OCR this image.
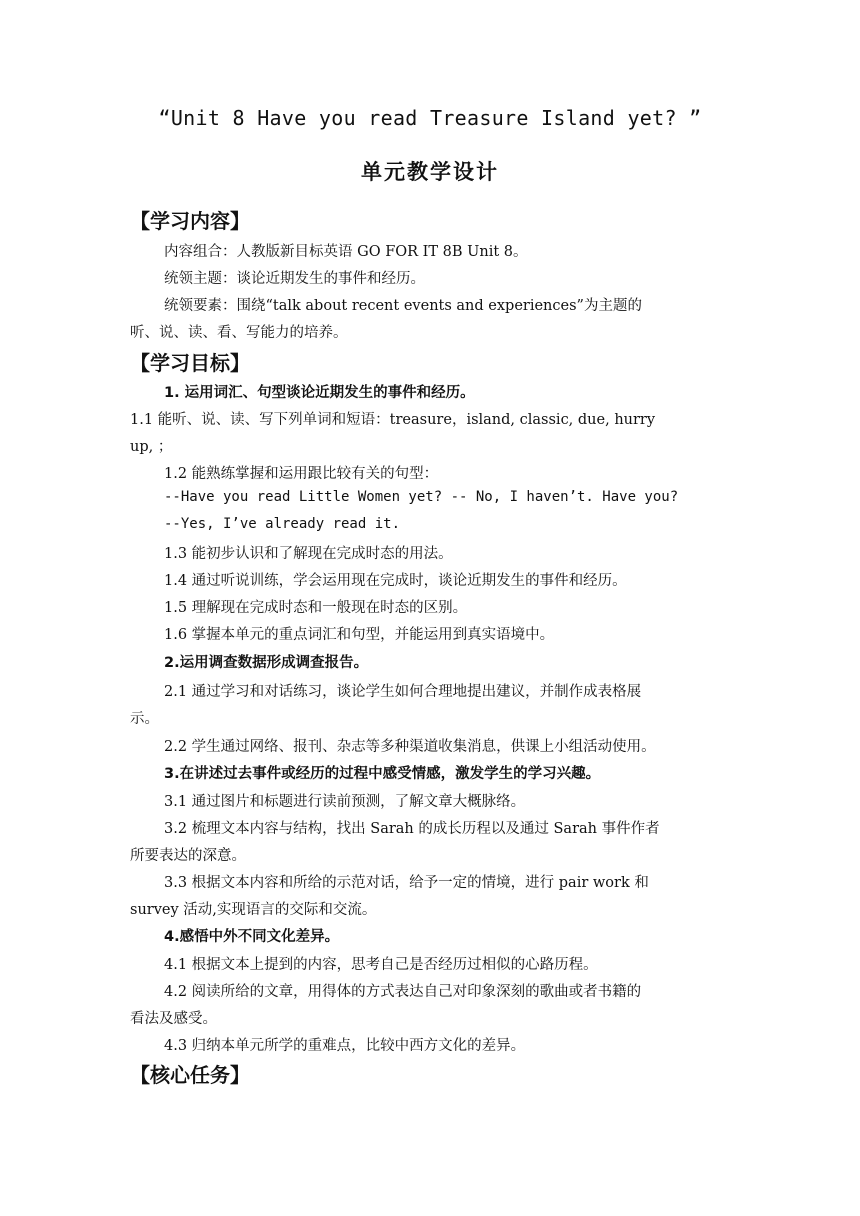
“Unit 8 Have you read Treasure Island yet? ”
单元教学设计
【学习内容】
内容组合：人教版新目标英语 GO FOR IT 8B Unit 8。
统领主题：谈论近期发生的事件和经历。
统领要素：围绕“talk about recent events and experiences”为主题的
听、说、读、看、写能力的培养。
【学习目标】
1. 运用词汇、句型谈论近期发生的事件和经历。
1.1 能听、说、读、写下列单词和短语：treasure，island, classic, due, hurry
up, ；
1.2 能熟练掌握和运用跟比较有关的句型：
--Have you read Little Women yet? -- No, I haven’t. Have you?
--Yes, I’ve already read it.
1.3 能初步认识和了解现在完成时态的用法。
1.4 通过听说训练，学会运用现在完成时，谈论近期发生的事件和经历。
1.5 理解现在完成时态和一般现在时态的区别。
1.6 掌握本单元的重点词汇和句型，并能运用到真实语境中。
2.运用调查数据形成调查报告。
2.1 通过学习和对话练习，谈论学生如何合理地提出建议，并制作成表格展
示。
2.2 学生通过网络、报刊、杂志等多种渠道收集消息，供课上小组活动使用。
3.在讲述过去事件或经历的过程中感受情感，激发学生的学习兴趣。
3.1 通过图片和标题进行读前预测，了解文章大概脉络。
3.2 梳理文本内容与结构，找出 Sarah 的成长历程以及通过 Sarah 事件作者
所要表达的深意。
3.3 根据文本内容和所给的示范对话，给予一定的情境，进行 pair work 和
survey 活动,实现语言的交际和交流。
4.感悟中外不同文化差异。
4.1 根据文本上提到的内容，思考自己是否经历过相似的心路历程。
4.2 阅读所给的文章，用得体的方式表达自己对印象深刻的歌曲或者书籍的
看法及感受。
4.3 归纳本单元所学的重难点，比较中西方文化的差异。
【核心任务】
